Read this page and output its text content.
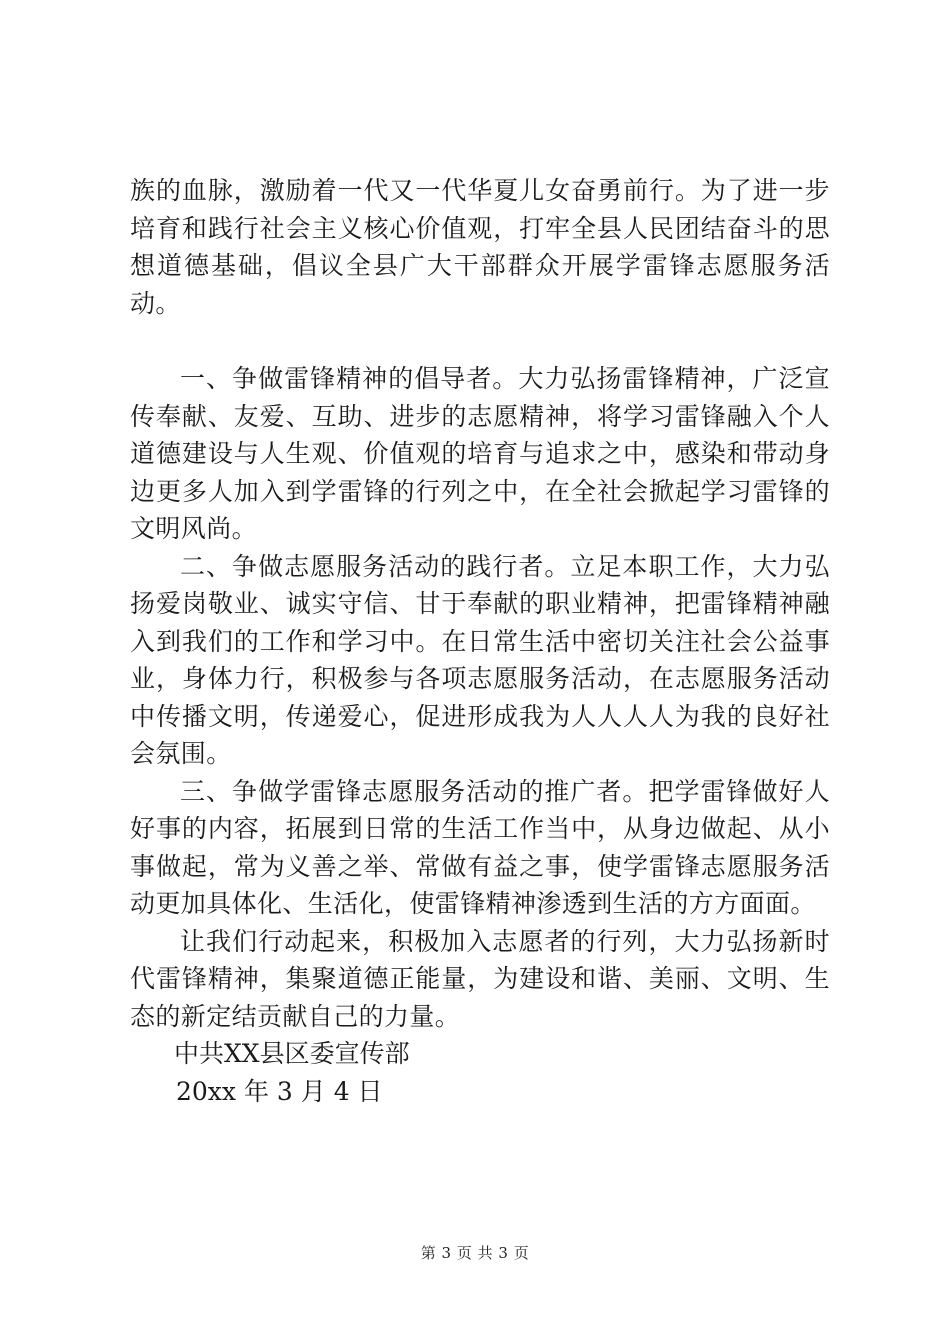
族的血脉，激励着一代又一代华夏儿女奋勇前行。为了进一步培育和践行社会主义核心价值观，打牢全县人民团结奋斗的思想道德基础，倡议全县广大干部群众开展学雷锋志愿服务活动。

一、争做雷锋精神的倡导者。大力弘扬雷锋精神，广泛宣传奉献、友爱、互助、进步的志愿精神，将学习雷锋融入个人道德建设与人生观、价值观的培育与追求之中，感染和带动身边更多人加入到学雷锋的行列之中，在全社会掀起学习雷锋的文明风尚。

二、争做志愿服务活动的践行者。立足本职工作，大力弘扬爱岗敬业、诚实守信、甘于奉献的职业精神，把雷锋精神融入到我们的工作和学习中。在日常生活中密切关注社会公益事业，身体力行，积极参与各项志愿服务活动，在志愿服务活动中传播文明，传递爱心，促进形成我为人人人人为我的良好社会氛围。

三、争做学雷锋志愿服务活动的推广者。把学雷锋做好人好事的内容，拓展到日常的生活工作当中，从身边做起、从小事做起，常为义善之举、常做有益之事，使学雷锋志愿服务活动更加具体化、生活化，使雷锋精神渗透到生活的方方面面。

让我们行动起来，积极加入志愿者的行列，大力弘扬新时代雷锋精神，集聚道德正能量，为建设和谐、美丽、文明、生态的新定结贡献自己的力量。

中共XX县区委宣传部

20xx 年 3 月 4 日

第 3 页 共 3 页
